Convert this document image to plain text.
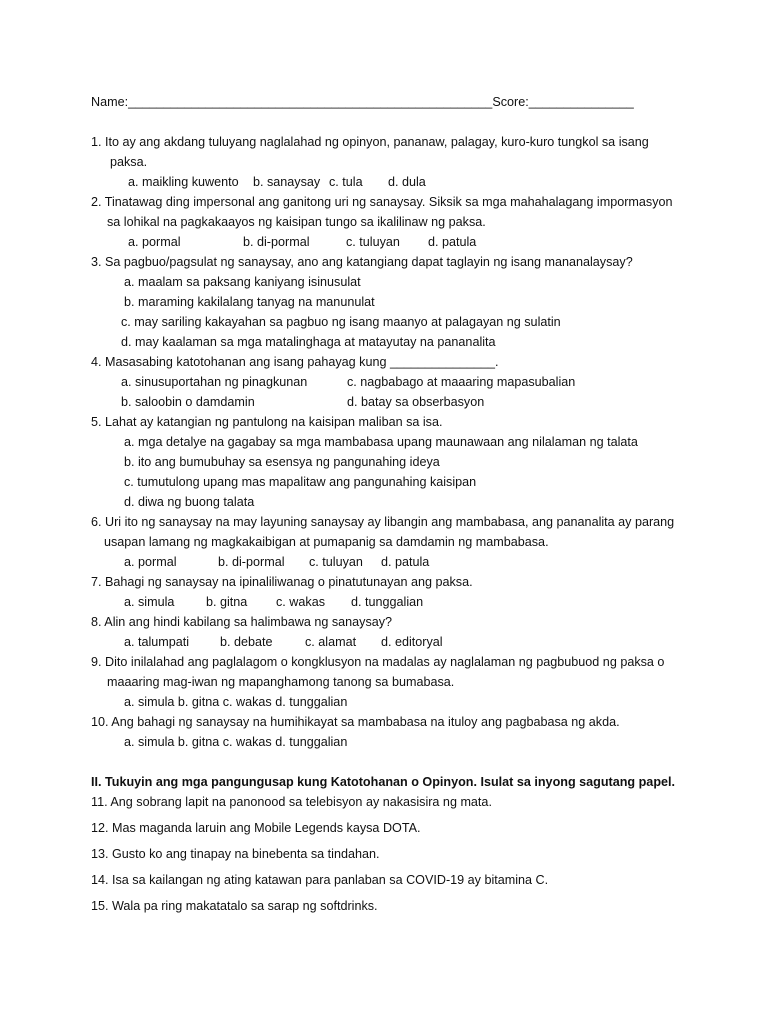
Name:____________________________________________________Score:_______________
1. Ito ay ang akdang tuluyang naglalahad ng opinyon, pananaw, palagay, kuro-kuro tungkol sa isang
paksa.
a. maikling kuwento b. sanaysay c. tula d. dula
2. Tinatawag ding impersonal ang ganitong uri ng sanaysay. Siksik sa mga mahahalagang impormasyon
sa lohikal na pagkakaayos ng kaisipan tungo sa ikalilinaw ng paksa.
a. pormal	b. di-pormal	c. tuluyan d. patula
3. Sa pagbuo/pagsulat ng sanaysay, ano ang katangiang dapat taglayin ng isang mananalaysay?
a. maalam sa paksang kaniyang isinusulat
b. maraming kakilalang tanyag na manunulat
c. may sariling kakayahan sa pagbuo ng isang maanyo at palagayan ng sulatin
d. may kaalaman sa mga matalinghaga at matayutay na pananalita
4. Masasabing katotohanan ang isang pahayag kung _______________.
a. sinusuportahan ng pinagkunan	c. nagbabago at maaaring mapasubalian
b. saloobin o damdamin	d. batay sa obserbasyon
5. Lahat ay katangian ng pantulong na kaisipan maliban sa isa.
a. mga detalye na gagabay sa mga mambabasa upang maunawaan ang nilalaman ng talata
b. ito ang bumubuhay sa esensya ng pangunahing ideya
c. tumutulong upang mas mapalitaw ang pangunahing kaisipan
d. diwa ng buong talata
6. Uri ito ng sanaysay na may layuning sanaysay ay libangin ang mambabasa, ang pananalita ay parang
usapan lamang ng magkakaibigan at pumapanig sa damdamin ng mambabasa.
a. pormal	b. di-pormal c. tuluyan d. patula
7. Bahagi ng sanaysay na ipinaliliwanag o pinatutunayan ang paksa.
a. simula	b. gitna c. wakas d. tunggalian
8. Alin ang hindi kabilang sa halimbawa ng sanaysay?
a. talumpati b. debate	c. alamat d. editoryal
9. Dito inilalahad ang paglalagom o kongklusyon na madalas ay naglalaman ng pagbubuod ng paksa o
maaaring mag-iwan ng mapanghamong tanong sa bumabasa.
a. simula b. gitna c. wakas d. tunggalian
10. Ang bahagi ng sanaysay na humihikayat sa mambabasa na ituloy ang pagbabasa ng akda.
a. simula b. gitna c. wakas d. tunggalian
II. Tukuyin ang mga pangungusap kung Katotohanan o Opinyon. Isulat sa inyong sagutang papel.
11. Ang sobrang lapit na panonood sa telebisyon ay nakasisira ng mata.
12. Mas maganda laruin ang Mobile Legends kaysa DOTA.
13. Gusto ko ang tinapay na binebenta sa tindahan.
14. Isa sa kailangan ng ating katawan para panlaban sa COVID-19 ay bitamina C.
15. Wala pa ring makatatalo sa sarap ng softdrinks.
